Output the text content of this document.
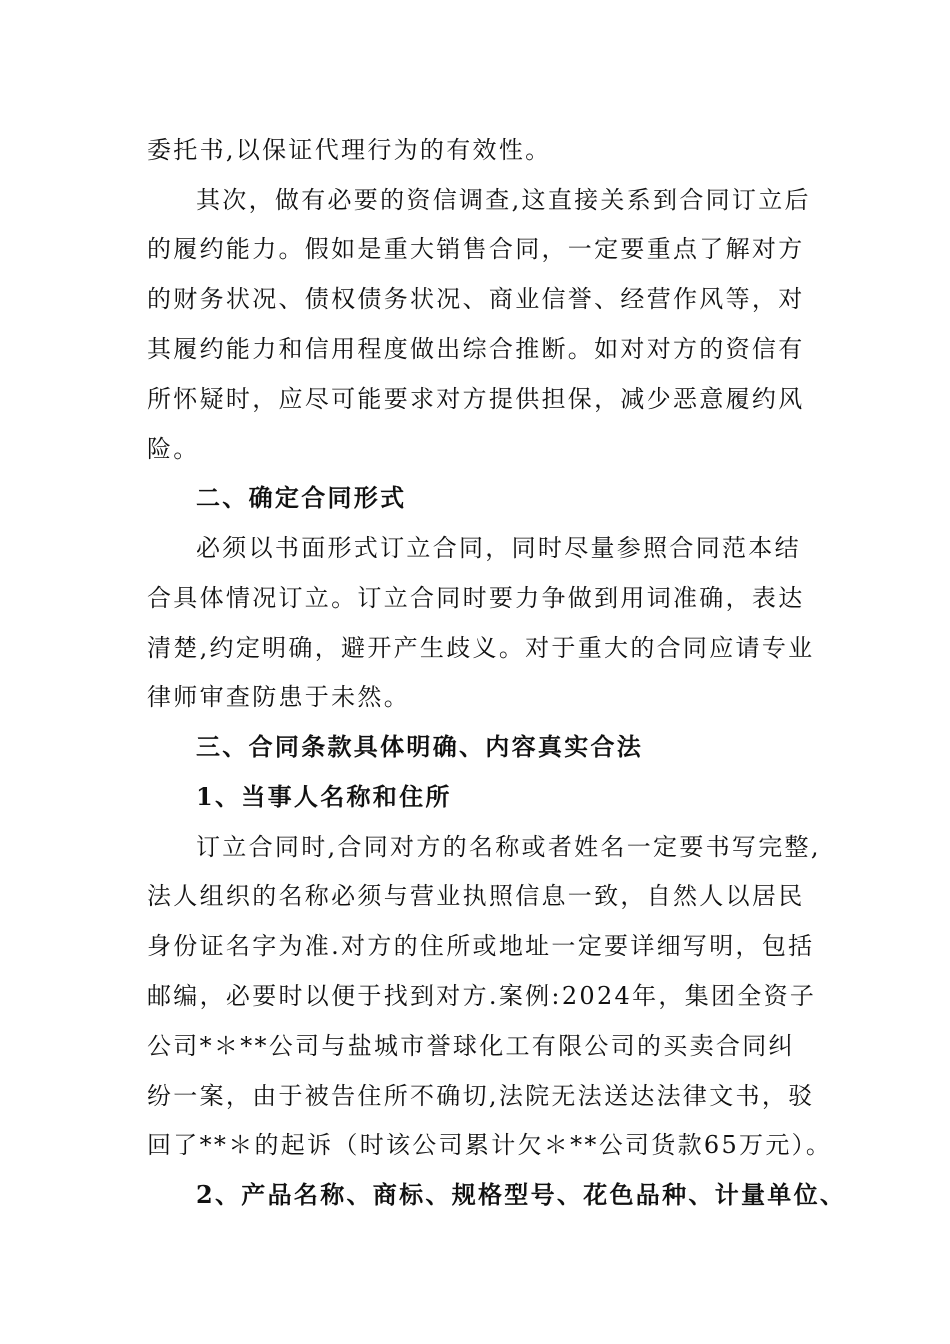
委托书,以保证代理行为的有效性。
其次，做有必要的资信调查,这直接关系到合同订立后
的履约能力。假如是重大销售合同，一定要重点了解对方
的财务状况、债权债务状况、商业信誉、经营作风等，对
其履约能力和信用程度做出综合推断。如对对方的资信有
所怀疑时，应尽可能要求对方提供担保，减少恶意履约风
险。
二、确定合同形式
必须以书面形式订立合同，同时尽量参照合同范本结
合具体情况订立。订立合同时要力争做到用词准确，表达
清楚,约定明确，避开产生歧义。对于重大的合同应请专业
律师审查防患于未然。
三、合同条款具体明确、内容真实合法
1、当事人名称和住所
订立合同时,合同对方的名称或者姓名一定要书写完整,
法人组织的名称必须与营业执照信息一致，自然人以居民
身份证名字为准.对方的住所或地址一定要详细写明，包括
邮编，必要时以便于找到对方.案例:2024年，集团全资子
公司*＊**公司与盐城市誉球化工有限公司的买卖合同纠
纷一案，由于被告住所不确切,法院无法送达法律文书，驳
回了**＊的起诉（时该公司累计欠＊**公司货款65万元）。
2、产品名称、商标、规格型号、花色品种、计量单位、
